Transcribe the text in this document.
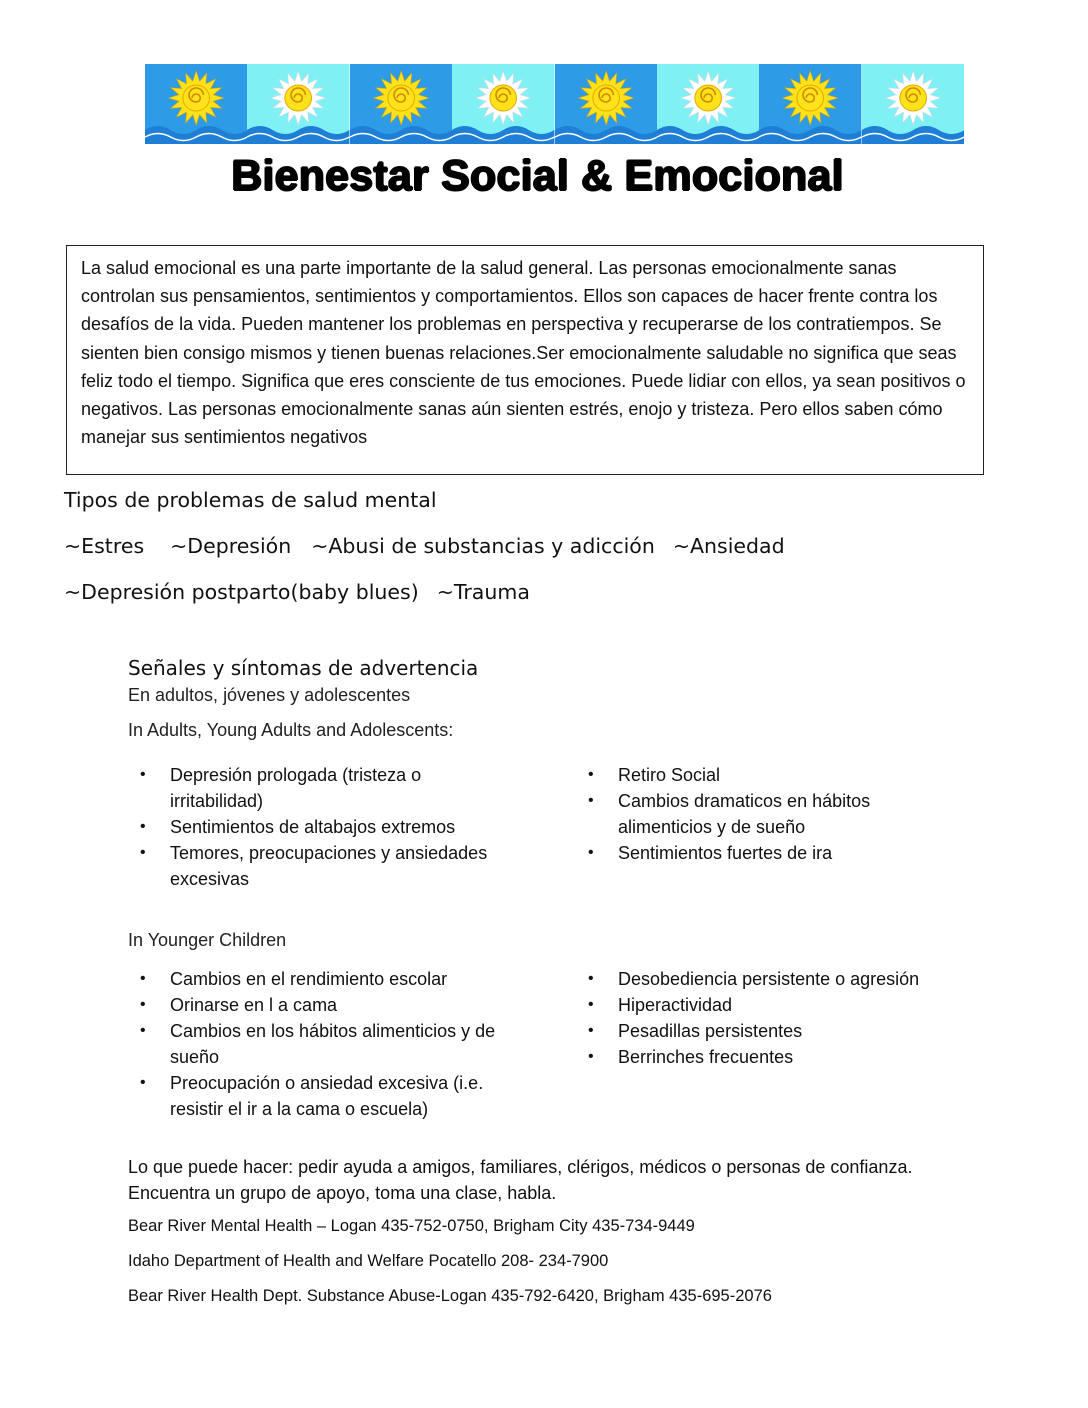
Bienestar Social & Emocional

La salud emocional es una parte importante de la salud general. Las personas emocionalmente sanas controlan sus pensamientos, sentimientos y comportamientos. Ellos son capaces de hacer frente contra los desafíos de la vida. Pueden mantener los problemas en perspectiva y recuperarse de los contratiempos. Se sienten bien consigo mismos y tienen buenas relaciones.Ser emocionalmente saludable no significa que seas feliz todo el tiempo. Significa que eres consciente de tus emociones. Puede lidiar con ellos, ya sean positivos o negativos. Las personas emocionalmente sanas aún sienten estrés, enojo y tristeza. Pero ellos saben cómo manejar sus sentimientos negativos

Tipos de problemas de salud mental
~Estres ~Depresión ~Abusi de substancias y adicción ~Ansiedad
~Depresión postparto(baby blues) ~Trauma
Señales y síntomas de advertencia
En adultos, jóvenes y adolescentes
In Adults, Young Adults and Adolescents:
• Depresión prologada (tristeza o irritabilidad)
• Sentimientos de altabajos extremos
• Temores, preocupaciones y ansiedades excesivas
• Retiro Social
• Cambios dramaticos en hábitos alimenticios y de sueño
• Sentimientos fuertes de ira
In Younger Children
• Cambios en el rendimiento escolar
• Orinarse en l a cama
• Cambios en los hábitos alimenticios y de sueño
• Preocupación o ansiedad excesiva (i.e. resistir el ir a la cama o escuela)
• Desobediencia persistente o agresión
• Hiperactividad
• Pesadillas persistentes
• Berrinches frecuentes
Lo que puede hacer: pedir ayuda a amigos, familiares, clérigos, médicos o personas de confianza. Encuentra un grupo de apoyo, toma una clase, habla.
Bear River Mental Health – Logan 435-752-0750, Brigham City 435-734-9449
Idaho Department of Health and Welfare Pocatello 208- 234-7900
Bear River Health Dept. Substance Abuse-Logan 435-792-6420, Brigham 435-695-2076
